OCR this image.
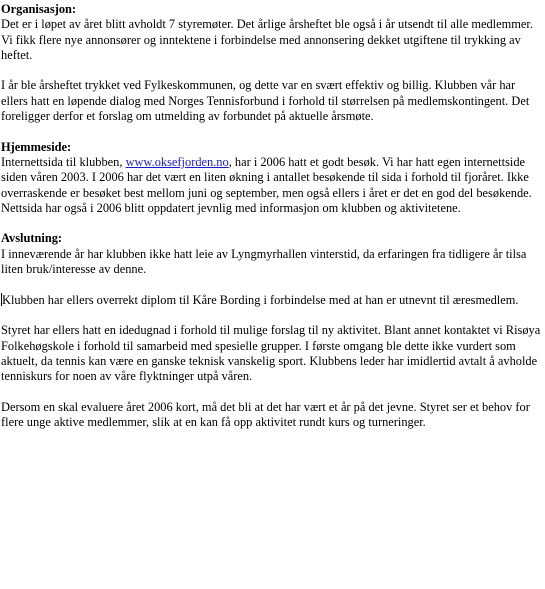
Organisasjon:

Det er i løpet av året blitt avholdt 7 styremøter. Det årlige årsheftet ble også i år utsendt til alle medlemmer. Vi fikk flere nye annonsører og inntektene i forbindelse med annonsering dekket utgiftene til trykking av heftet.

I år ble årsheftet trykket ved Fylkeskommunen, og dette var en svært effektiv og billig. Klubben vår har ellers hatt en løpende dialog med Norges Tennisforbund i forhold til størrelsen på medlemskontingent. Det foreligger derfor et forslag om utmelding av forbundet på aktuelle årsmøte.

Hjemmeside:

Internettsida til klubben, www.oksefjorden.no, har i 2006 hatt et godt besøk. Vi har hatt egen internettside siden våren 2003. I 2006 har det vært en liten økning i antallet besøkende til sida i forhold til fjoråret. Ikke overraskende er besøket best mellom juni og september, men også ellers i året er det en god del besøkende. Nettsida har også i 2006 blitt oppdatert jevnlig med informasjon om klubben og aktivitetene.

Avslutning:

I inneværende år har klubben ikke hatt leie av Lyngmyrhallen vinterstid, da erfaringen fra tidligere år tilsa liten bruk/interesse av denne.

Klubben har ellers overrekt diplom til Kåre Bording i forbindelse med at han er utnevnt til æresmedlem.

Styret har ellers hatt en idedugnad i forhold til mulige forslag til ny aktivitet. Blant annet kontaktet vi Risøya Folkehøgskole i forhold til samarbeid med spesielle grupper. I første omgang ble dette ikke vurdert som aktuelt, da tennis kan være en ganske teknisk vanskelig sport. Klubbens leder har imidlertid avtalt å avholde tenniskurs for noen av våre flyktninger utpå våren.

Dersom en skal evaluere året 2006 kort, må det bli at det har vært et år på det jevne. Styret ser et behov for flere unge aktive medlemmer, slik at en kan få opp aktivitet rundt kurs og turneringer.
